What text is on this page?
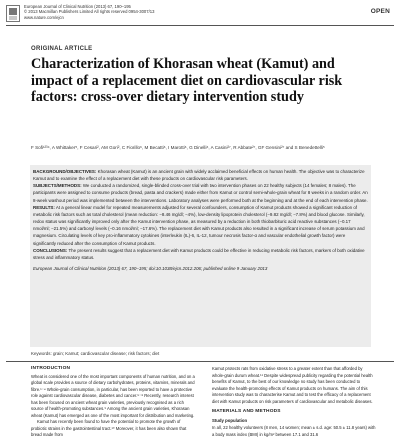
European Journal of Clinical Nutrition (2013) 67, 190–195
© 2013 Macmillan Publishers Limited All rights reserved 0954-3007/13
www.nature.com/ejcn
OPEN
ORIGINAL ARTICLE
Characterization of Khorasan wheat (Kamut) and impact of a replacement diet on cardiovascular risk factors: cross-over dietary intervention study
F Sofi¹²³⁴, A Whittaker⁵, F Cesari², AM Gori², C Fiorillo⁶, M Becatti⁶, I Marotti⁶, G Dinelli⁶, A Casini²⁷, R Abbate²⁷, GF Gensini²⁷ and S Benedettelli⁵

BACKGROUND/OBJECTIVES: Khorasan wheat (Kamut) is an ancient grain with widely acclaimed beneficial effects on human health. The objective was to characterize Kamut and to examine the effect of a replacement diet with these products on cardiovascular risk parameters.

SUBJECTS/METHODS: We conducted a randomized, single-blinded cross-over trial with two intervention phases on 22 healthy subjects (14 females; 8 males). The participants were assigned to consume products (bread, pasta and crackers) made either from Kamut or control semi-whole-grain wheat for 8 weeks in a random order. An 8-week washout period was implemented between the interventions. Laboratory analyses were performed both at the beginning and at the end of each intervention phase.

RESULTS: At a general linear model for repeated measurements adjusted for several confounders, consumption of Kamut products showed a significant reduction of metabolic risk factors such as total cholesterol (mean reduction: −8.46 mg/dl; −4%), low-density lipoprotein cholesterol (−9.82 mg/dl; −7.8%) and blood glucose. Similarly, redox status was significantly improved only after the Kamut intervention phase, as measured by a reduction in both thiobarbituric acid reactive substances (−0.17 nmol/ml; −21.5%) and carbonyl levels (−0.16 nmol/ml; −17.6%). The replacement diet with Kamut products also resulted in a significant increase of serum potassium and magnesium. Circulating levels of key pro-inflammatory cytokines (interleukin (IL)-6, IL-12, tumour necrosis factor-α and vascular endothelial growth factor) were significantly reduced after the consumption of Kamut products.

CONCLUSIONS: The present results suggest that a replacement diet with Kamut products could be effective in reducing metabolic risk factors, markers of both oxidative stress and inflammatory status.

European Journal of Clinical Nutrition (2013) 67, 190–195; doi:10.1038/ejcn.2012.206; published online 9 January 2013

Keywords: grain; Kamut; cardiovascular disease; risk factors; diet
INTRODUCTION

Wheat is considered one of the most important components of human nutrition, and on a global scale provides a source of dietary carbohydrates, proteins, vitamins, minerals and fibre.¹⁻⁴ Whole-grain consumption, in particular, has been reported to have a protective role against cardiovascular disease, diabetes and cancer.⁵⁻⁸ Recently, research interest has been focused on ancient wheat grain varieties, previously recognised as a rich source of health-promoting substances.⁹ Among the ancient grain varieties, Khorasan wheat (Kamut) has emerged as one of the most important for distribution and marketing.

Kamut has recently been found to have the potential to promote the growth of probiotic strains in the gastrointestinal tract.¹⁰ Moreover, it has been also shown that bread made from

Kamut protects rats from oxidative stress to a greater extent than that afforded by whole-grain durum wheat.¹¹ Despite widespread publicity regarding the potential health benefits of Kamut, to the best of our knowledge no study has been conducted to evaluate the health-promoting effects of Kamut products on humans. The aim of this intervention study was to characterise Kamut and to test the efficacy of a replacement diet with Kamut products on risk parameters of cardiovascular and metabolic diseases.

MATERIALS AND METHODS
Study population

In all, 22 healthy volunteers (8 men, 14 women; mean ± s.d. age: 50.5 ± 11.8 years) with a body mass index (BMI) in kg/m² between 17.1 and 31.6
